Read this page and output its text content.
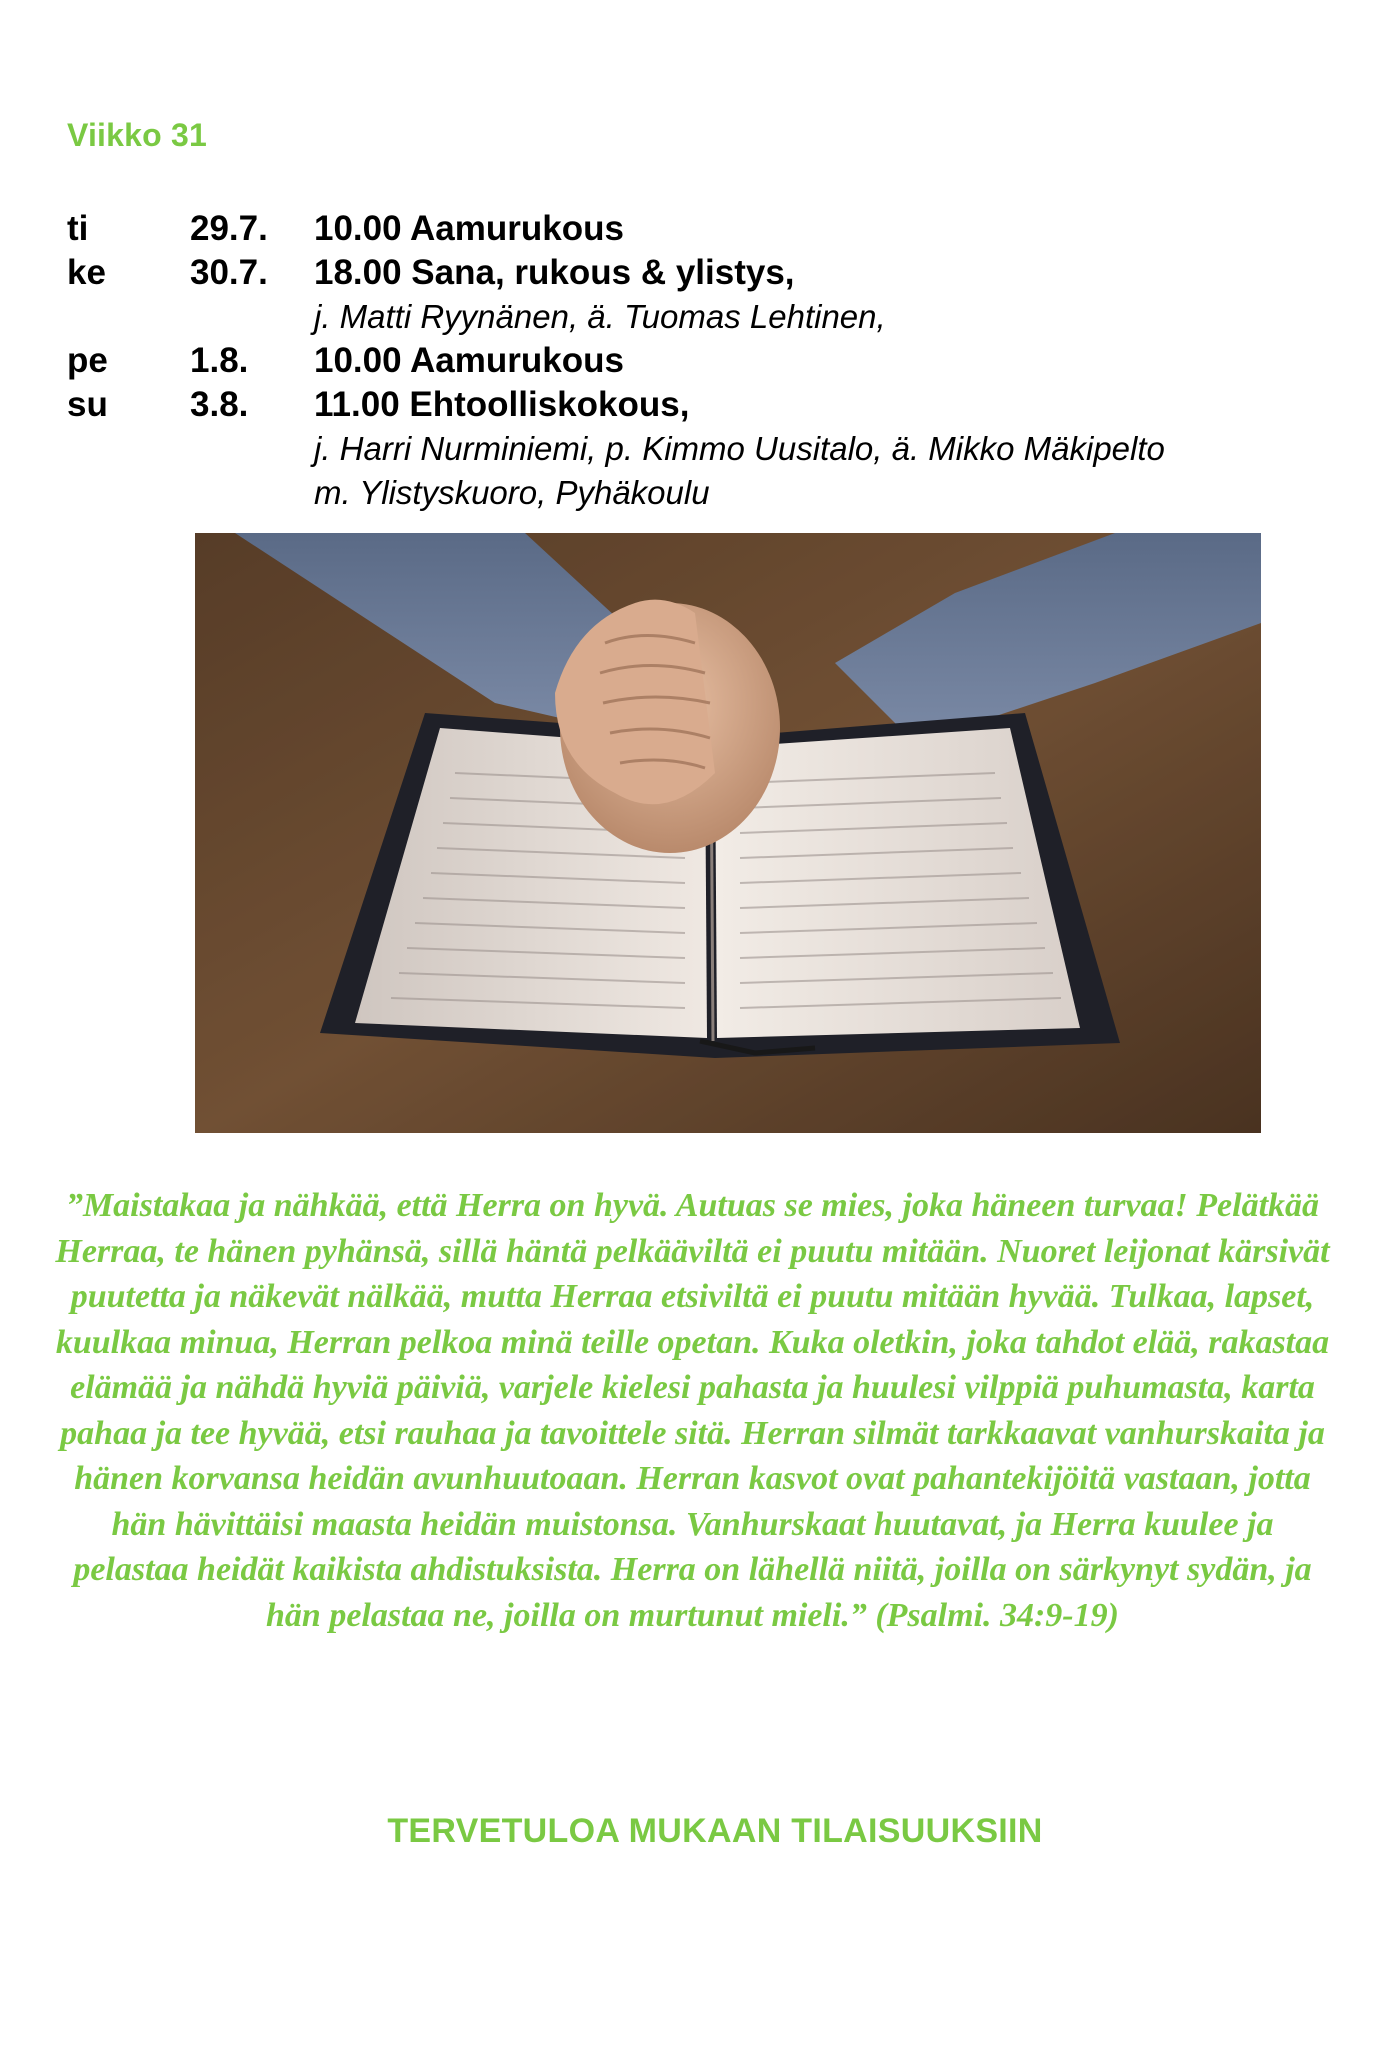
Viikko 31
ti	29.7. 10.00 Aamurukous
ke 30.7. 18.00 Sana, rukous & ylistys,
j. Matti Ryynänen, ä. Tuomas Lehtinen,
pe 1.8. 10.00 Aamurukous
su 3.8. 11.00 Ehtoolliskokous,
j. Harri Nurminiemi, p. Kimmo Uusitalo, ä. Mikko Mäkipelto
m. Ylistyskuoro, Pyhäkoulu
”Maistakaa ja nähkää, että Herra on hyvä. Autuas se mies, joka häneen turvaa! Pelätkää Herraa, te hänen pyhänsä, sillä häntä pelkääviltä ei puutu mitään. Nuoret leijonat kärsivät puutetta ja näkevät nälkää, mutta Herraa etsiviltä ei puutu mitään hyvää. Tulkaa, lapset, kuulkaa minua, Herran pelkoa minä teille opetan. Kuka oletkin, joka tahdot elää, rakastaa elämää ja nähdä hyviä päiviä, varjele kielesi pahasta ja huulesi vilppiä puhumasta, karta pahaa ja tee hyvää, etsi rauhaa ja tavoittele sitä. Herran silmät tarkkaavat vanhurskaita ja hänen korvansa heidän avunhuutoaan. Herran kasvot ovat pahantekijöitä vastaan, jotta hän hävittäisi maasta heidän muistonsa. Vanhurskaat huutavat, ja Herra kuulee ja pelastaa heidät kaikista ahdistuksista. Herra on lähellä niitä, joilla on särkynyt sydän, ja hän pelastaa ne, joilla on murtunut mieli.” (Psalmi. 34:9-19)
TERVETULOA MUKAAN TILAISUUKSIIN
